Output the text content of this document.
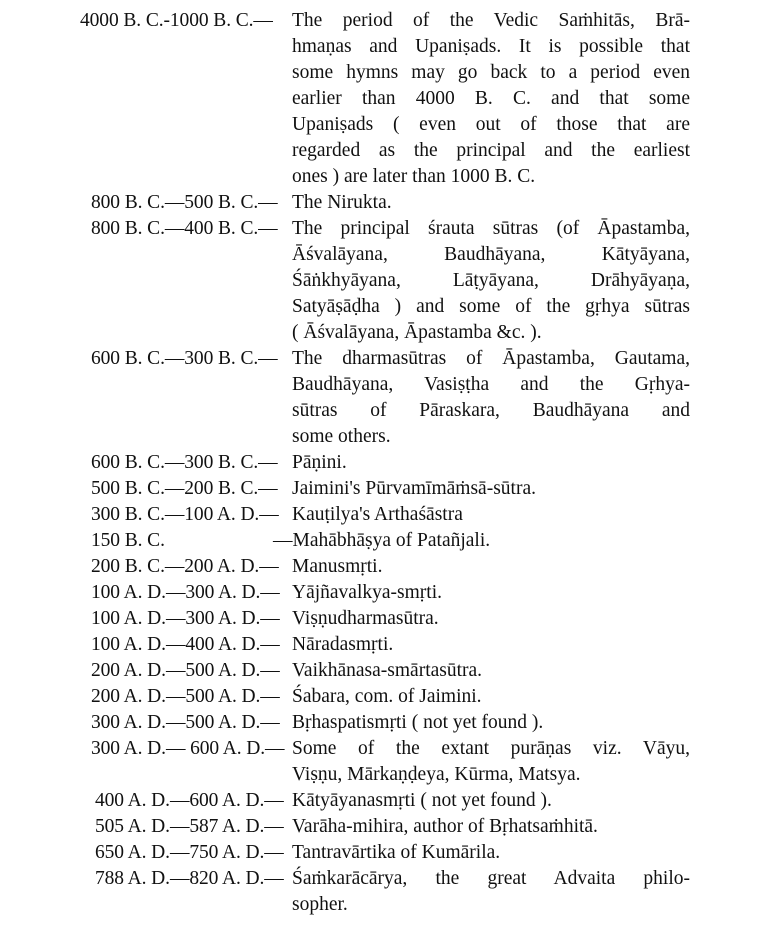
4000 B. C.-1000 B. C.— The period of the Vedic Saṁhitās, Brā-
hmaṇas and Upaniṣads. It is possible that
some hymns may go back to a period even
earlier than 4000 B. C. and that some
Upaniṣads ( even out of those that are
regarded as the principal and the earliest
ones ) are later than 1000 B. C.
800 B. C.—500 B. C.— The Nirukta.
800 B. C.—400 B. C.— The principal śrauta sūtras (of Āpastamba,
Āśvalāyana, Baudhāyana, Kātyāyana,
Śāṅkhyāyana, Lāṭyāyana, Drāhyāyaṇa,
Satyāṣāḍha ) and some of the gṛhya sūtras
( Āśvalāyana, Āpastamba &c. ).
600 B. C.—300 B. C.— The dharmasūtras of Āpastamba, Gautama,
Baudhāyana, Vasiṣṭha and the Gṛhya-
sūtras of Pāraskara, Baudhāyana and
some others.
600 B. C.—300 B. C.— Pāṇini.
500 B. C.—200 B. C.— Jaimini's Pūrvamīmāṁsā-sūtra.
300 B. C.—100 A. D.— Kauṭilya's Arthaśāstra
150 B. C.	—Mahābhāṣya of Patañjali.
200 B. C.—200 A. D.— Manusmṛti.
100 A. D.—300 A. D.— Yājñavalkya-smṛti.
100 A. D.—300 A. D.— Viṣṇudharmasūtra.
100 A. D.—400 A. D.— Nāradasmṛti.
200 A. D.—500 A. D.— Vaikhānasa-smārtasūtra.
200 A. D.—500 A. D.— Śabara, com. of Jaimini.
300 A. D.—500 A. D.— Bṛhaspatismṛti ( not yet found ).
300 A. D.— 600 A. D.— Some of the extant purāṇas viz. Vāyu,
Viṣṇu, Mārkaṇḍeya, Kūrma, Matsya.
400 A. D.—600 A. D.— Kātyāyanasmṛti ( not yet found ).
505 A. D.—587 A. D.— Varāha-mihira, author of Bṛhatsaṁhitā.
650 A. D.—750 A. D.— Tantravārtika of Kumārila.
788 A. D.—820 A. D.— Śaṁkarācārya, the great Advaita philo-
sopher.
